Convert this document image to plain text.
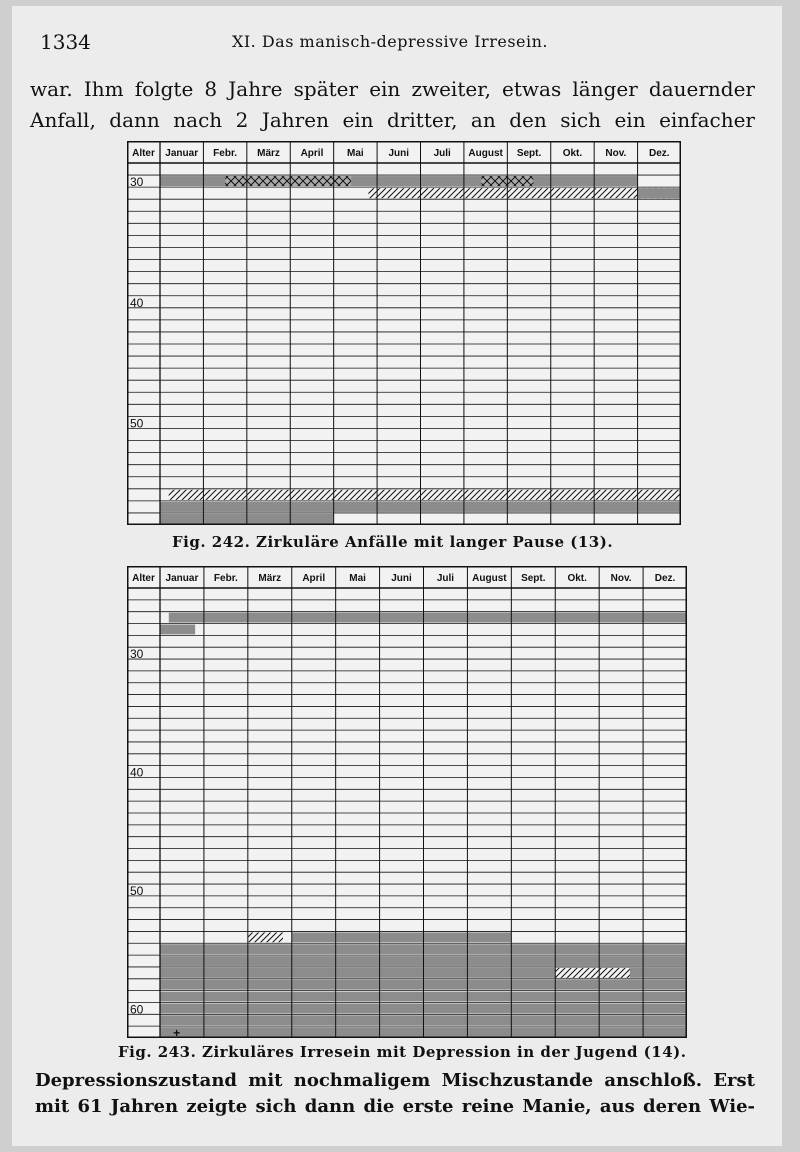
1334	XI. Das manisch-depressive Irresein.
war. Ihm folgte 8 Jahre später ein zweiter, etwas länger dauernder
Anfall, dann nach 2 Jahren ein dritter, an den sich ein einfacher
Alter Januar Febr. März April Mai Juni Juli August Sept. Okt. Nov. Dez.
30
40
50
Fig. 242. Zirkuläre Anfälle mit langer Pause (13).
Alter Januar Febr. März April Mai	Juni	Juli August Sept. Okt. Nov. Dez.
30
40
50
60
+
Fig. 243. Zirkuläres Irresein mit Depression in der Jugend (14).
Depressionszustand mit nochmaligem Mischzustande anschloß. Erst
mit 61 Jahren zeigte sich dann die erste reine Manie, aus deren Wie-
